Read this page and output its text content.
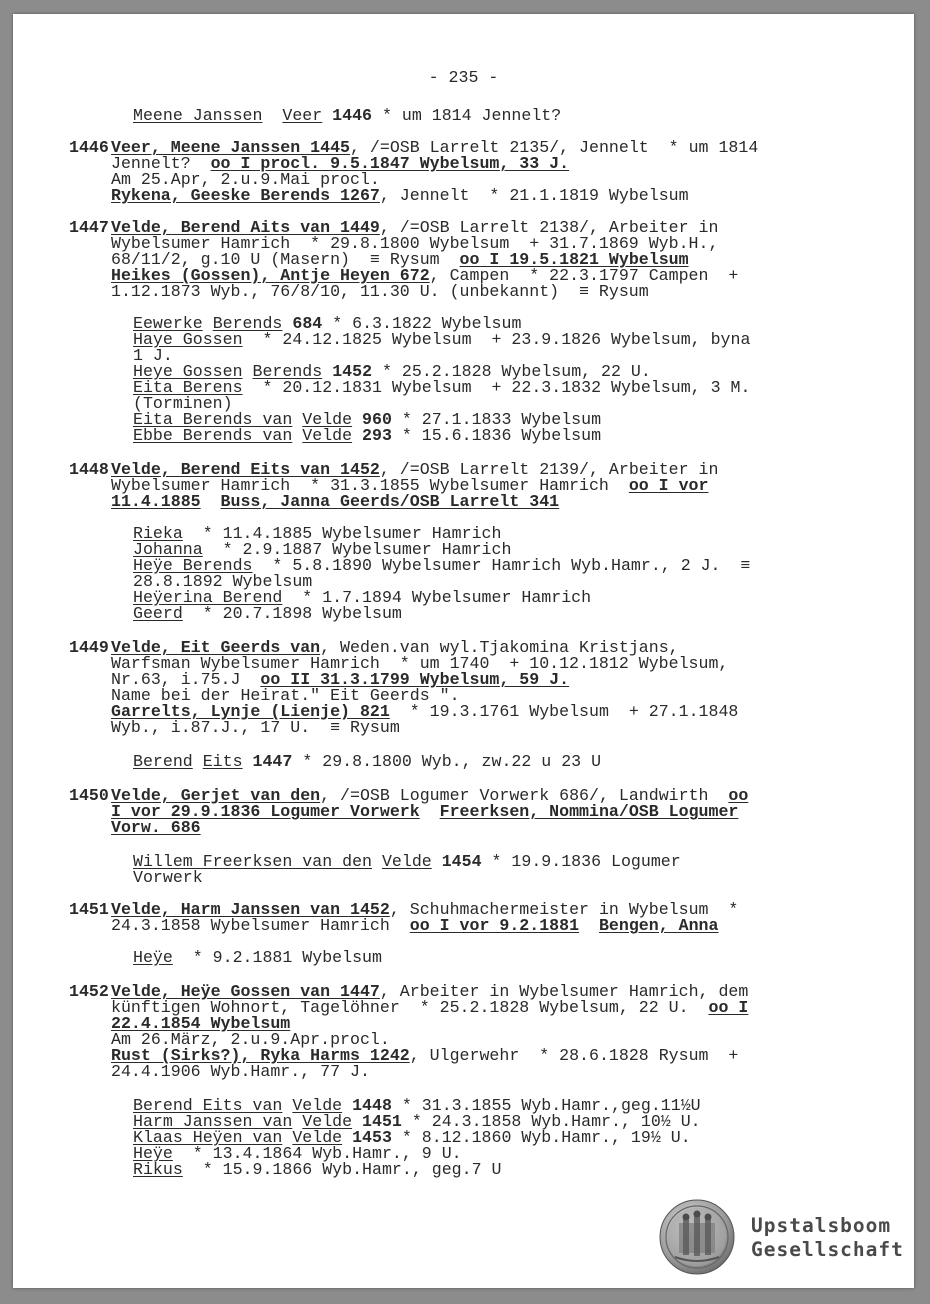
- 235 -
Meene Janssen Veer 1446 * um 1814 Jennelt?
1446 Veer, Meene Janssen 1445, /=OSB Larrelt 2135/, Jennelt  * um 1814
Jennelt?  oo I procl. 9.5.1847 Wybelsum, 33 J.
Am 25.Apr, 2.u.9.Mai procl.
Rykena, Geeske Berends 1267, Jennelt  * 21.1.1819 Wybelsum
1447 Velde, Berend Aits van 1449, /=OSB Larrelt 2138/, Arbeiter in
Wybelsumer Hamrich  * 29.8.1800 Wybelsum  + 31.7.1869 Wyb.H.,
68/11/2, g.10 U (Masern)  ≡ Rysum  oo I 19.5.1821 Wybelsum
Heikes (Gossen), Antje Heyen 672, Campen  * 22.3.1797 Campen  +
1.12.1873 Wyb., 76/8/10, 11.30 U. (unbekannt)  ≡ Rysum
Eewerke Berends 684 * 6.3.1822 Wybelsum
Haye Gossen  * 24.12.1825 Wybelsum  + 23.9.1826 Wybelsum, byna
1 J.
Heye Gossen Berends 1452 * 25.2.1828 Wybelsum, 22 U.
Eita Berens  * 20.12.1831 Wybelsum  + 22.3.1832 Wybelsum, 3 M.
(Torminen)
Eita Berends van Velde 960 * 27.1.1833 Wybelsum
Ebbe Berends van Velde 293 * 15.6.1836 Wybelsum
1448 Velde, Berend Eits van 1452, /=OSB Larrelt 2139/, Arbeiter in
Wybelsumer Hamrich  * 31.3.1855 Wybelsumer Hamrich  oo I vor
11.4.1885 Buss, Janna Geerds/OSB Larrelt 341
Rieka  * 11.4.1885 Wybelsumer Hamrich
Johanna  * 2.9.1887 Wybelsumer Hamrich
Heÿe Berends  * 5.8.1890 Wybelsumer Hamrich Wyb.Hamr., 2 J.  ≡
28.8.1892 Wybelsum
Heÿerina Berend  * 1.7.1894 Wybelsumer Hamrich
Geerd  * 20.7.1898 Wybelsum
1449 Velde, Eit Geerds van, Weden.van wyl.Tjakomina Kristjans,
Warfsman Wybelsumer Hamrich  * um 1740  + 10.12.1812 Wybelsum,
Nr.63, i.75.J  oo II 31.3.1799 Wybelsum, 59 J.
Name bei der Heirat." Eit Geerds ".
Garrelts, Lynje (Lienje) 821  * 19.3.1761 Wybelsum  + 27.1.1848
Wyb., i.87.J., 17 U.  ≡ Rysum
Berend Eits 1447 * 29.8.1800 Wyb., zw.22 u 23 U
1450 Velde, Gerjet van den, /=OSB Logumer Vorwerk 686/, Landwirth  oo
I vor 29.9.1836 Logumer Vorwerk Freerksen, Nommina/OSB Logumer
Vorw. 686
Willem Freerksen van den Velde 1454 * 19.9.1836 Logumer
Vorwerk
1451 Velde, Harm Janssen van 1452, Schuhmachermeister in Wybelsum  *
24.3.1858 Wybelsumer Hamrich  oo I vor 9.2.1881 Bengen, Anna
Heÿe  * 9.2.1881 Wybelsum
1452 Velde, Heÿe Gossen van 1447, Arbeiter in Wybelsumer Hamrich, dem
künftigen Wohnort, Tagelöhner  * 25.2.1828 Wybelsum, 22 U.  oo I
22.4.1854 Wybelsum
Am 26.März, 2.u.9.Apr.procl.
Rust (Sirks?), Ryka Harms 1242, Ulgerwehr  * 28.6.1828 Rysum  +
24.4.1906 Wyb.Hamr., 77 J.
Berend Eits van Velde 1448 * 31.3.1855 Wyb.Hamr.,geg.11½U
Harm Janssen van Velde 1451 * 24.3.1858 Wyb.Hamr., 10½ U.
Klaas Heÿen van Velde 1453 * 8.12.1860 Wyb.Hamr., 19½ U.
Heÿe  * 13.4.1864 Wyb.Hamr., 9 U.
Rikus  * 15.9.1866 Wyb.Hamr., geg.7 U
Upstalsboom
Gesellschaft
